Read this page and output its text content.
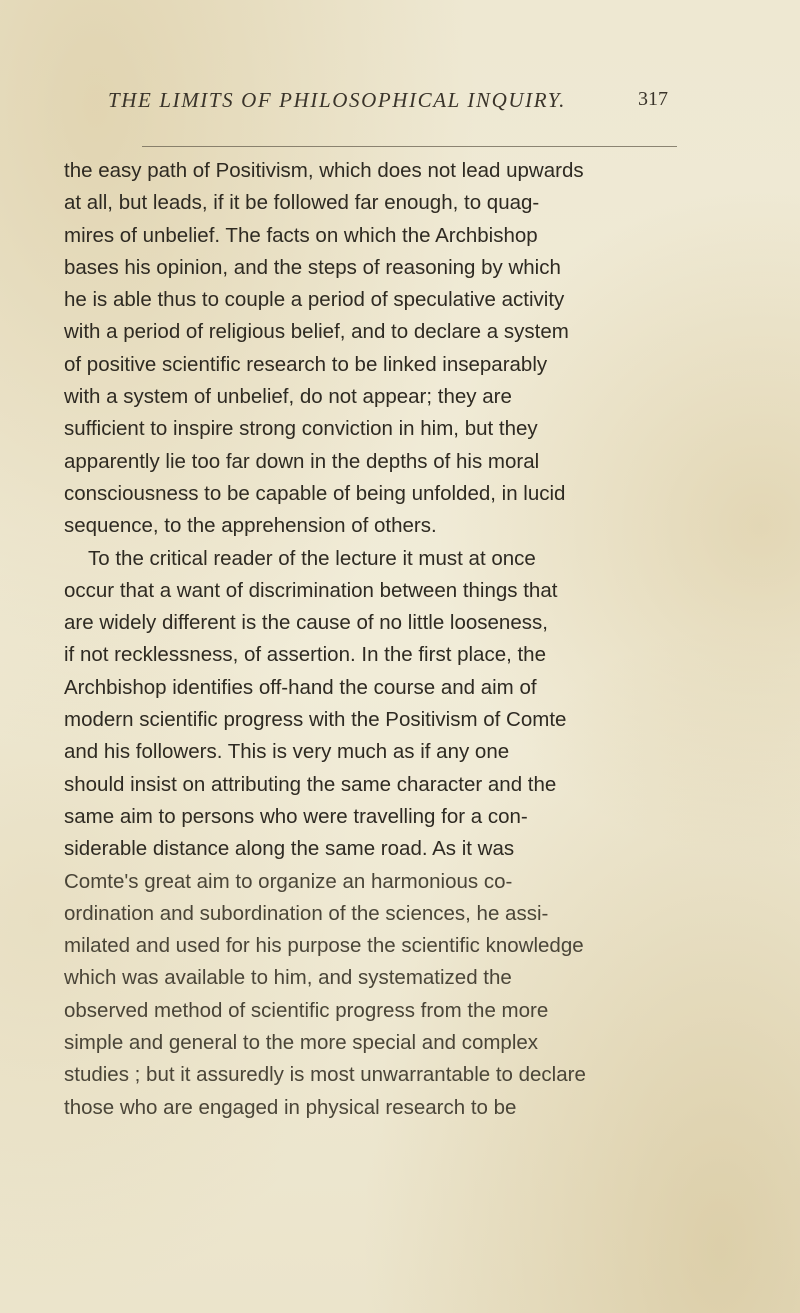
THE LIMITS OF PHILOSOPHICAL INQUIRY.	317
the easy path of Positivism, which does not lead upwards
at all, but leads, if it be followed far enough, to quag-
mires of unbelief. The facts on which the Archbishop
bases his opinion, and the steps of reasoning by which
he is able thus to couple a period of speculative activity
with a period of religious belief, and to declare a system
of positive scientific research to be linked inseparably
with a system of unbelief, do not appear; they are
sufficient to inspire strong conviction in him, but they
apparently lie too far down in the depths of his moral
consciousness to be capable of being unfolded, in lucid
sequence, to the apprehension of others.
To the critical reader of the lecture it must at once
occur that a want of discrimination between things that
are widely different is the cause of no little looseness,
if not recklessness, of assertion. In the first place, the
Archbishop identifies off-hand the course and aim of
modern scientific progress with the Positivism of Comte
and his followers. This is very much as if any one
should insist on attributing the same character and the
same aim to persons who were travelling for a con-
siderable distance along the same road. As it was
Comte's great aim to organize an harmonious co-
ordination and subordination of the sciences, he assi-
milated and used for his purpose the scientific knowledge
which was available to him, and systematized the
observed method of scientific progress from the more
simple and general to the more special and complex
studies ; but it assuredly is most unwarrantable to declare
those who are engaged in physical research to be
